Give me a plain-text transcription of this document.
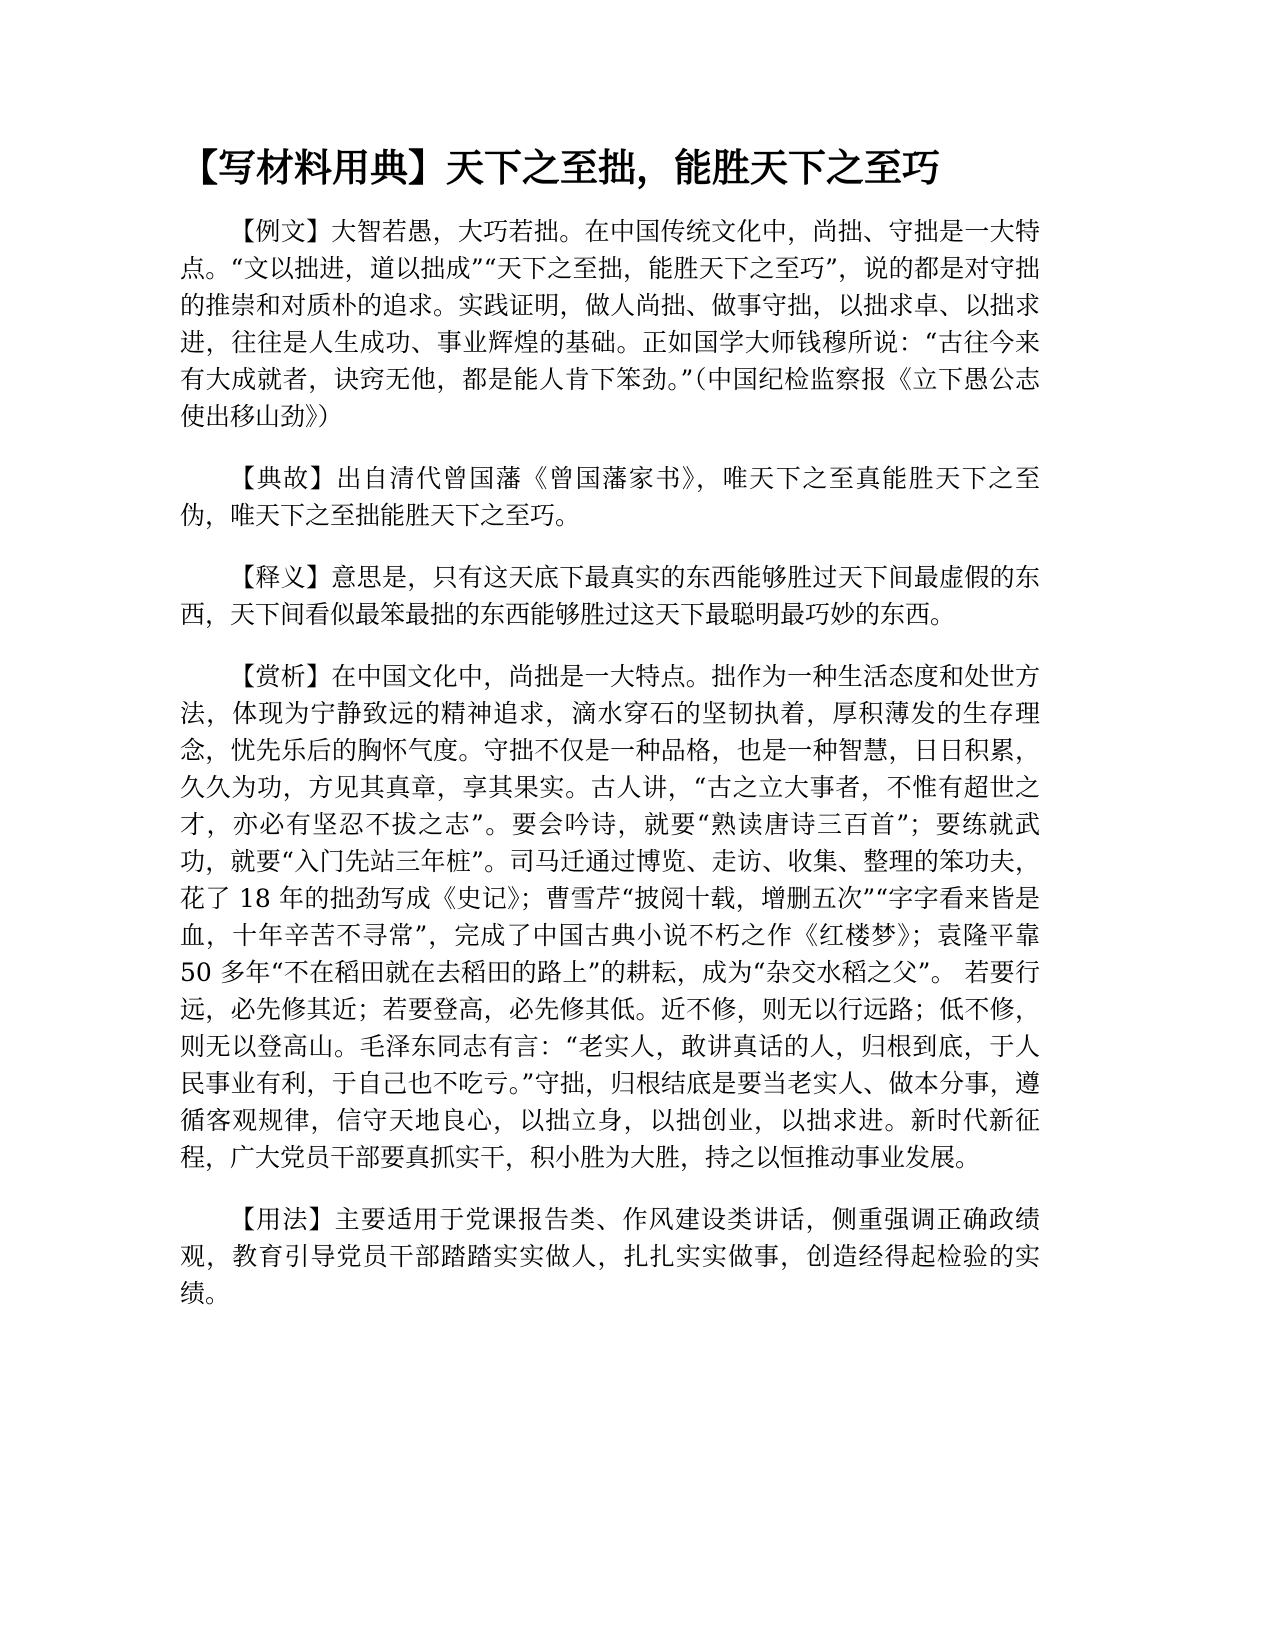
【写材料用典】天下之至拙，能胜天下之至巧

【例文】大智若愚，大巧若拙。在中国传统文化中，尚拙、守拙是一大特点。“文以拙进，道以拙成”“天下之至拙，能胜天下之至巧”，说的都是对守拙的推崇和对质朴的追求。实践证明，做人尚拙、做事守拙，以拙求卓、以拙求进，往往是人生成功、事业辉煌的基础。正如国学大师钱穆所说：“古往今来有大成就者，诀窍无他，都是能人肯下笨劲。”（中国纪检监察报《立下愚公志使出移山劲》）

【典故】出自清代曾国藩《曾国藩家书》，唯天下之至真能胜天下之至伪，唯天下之至拙能胜天下之至巧。

【释义】意思是，只有这天底下最真实的东西能够胜过天下间最虚假的东西，天下间看似最笨最拙的东西能够胜过这天下最聪明最巧妙的东西。

【赏析】在中国文化中，尚拙是一大特点。拙作为一种生活态度和处世方法，体现为宁静致远的精神追求，滴水穿石的坚韧执着，厚积薄发的生存理念，忧先乐后的胸怀气度。守拙不仅是一种品格，也是一种智慧，日日积累，久久为功，方见其真章，享其果实。古人讲，“古之立大事者，不惟有超世之才，亦必有坚忍不拔之志”。要会吟诗，就要“熟读唐诗三百首”；要练就武功，就要“入门先站三年桩”。司马迁通过博览、走访、收集、整理的笨功夫，花了 18 年的拙劲写成《史记》；曹雪芹“披阅十载，增删五次”“字字看来皆是血，十年辛苦不寻常”，完成了中国古典小说不朽之作《红楼梦》；袁隆平靠 50 多年“不在稻田就在去稻田的路上”的耕耘，成为“杂交水稻之父”。 若要行远，必先修其近；若要登高，必先修其低。近不修，则无以行远路；低不修，则无以登高山。毛泽东同志有言：“老实人，敢讲真话的人，归根到底，于人民事业有利，于自己也不吃亏。”守拙，归根结底是要当老实人、做本分事，遵循客观规律，信守天地良心，以拙立身，以拙创业，以拙求进。新时代新征程，广大党员干部要真抓实干，积小胜为大胜，持之以恒推动事业发展。

【用法】主要适用于党课报告类、作风建设类讲话，侧重强调正确政绩观，教育引导党员干部踏踏实实做人，扎扎实实做事，创造经得起检验的实绩。
